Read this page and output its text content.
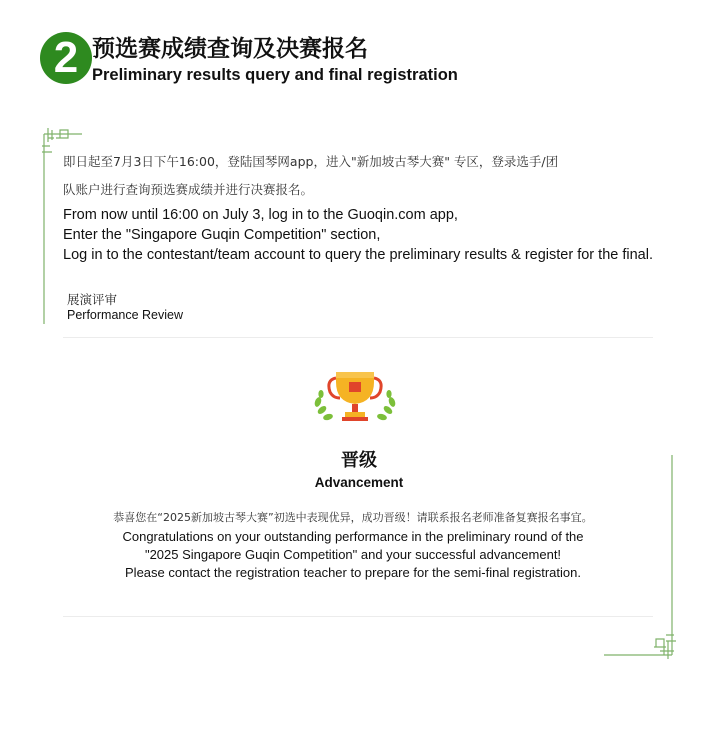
2 预选赛成绩查询及决赛报名
Preliminary results query and final registration
即日起至7月3日下午16:00，登陆国琴网app，进入"新加坡古琴大赛" 专区，登录选手/团
队账户进行查询预选赛成绩并进行决赛报名。
From now until 16:00 on July 3, log in to the Guoqin.com app,
Enter the "Singapore Guqin Competition" section,
Log in to the contestant/team account to query the preliminary results & register for the final.
展演评审
Performance Review
晋级
Advancement
恭喜您在“2025新加坡古琴大赛”初选中表现优异，成功晋级！请联系报名老师准备复赛报名事宜。
Congratulations on your outstanding performance in the preliminary round of the
"2025 Singapore Guqin Competition" and your successful advancement!
Please contact the registration teacher to prepare for the semi-final registration.
